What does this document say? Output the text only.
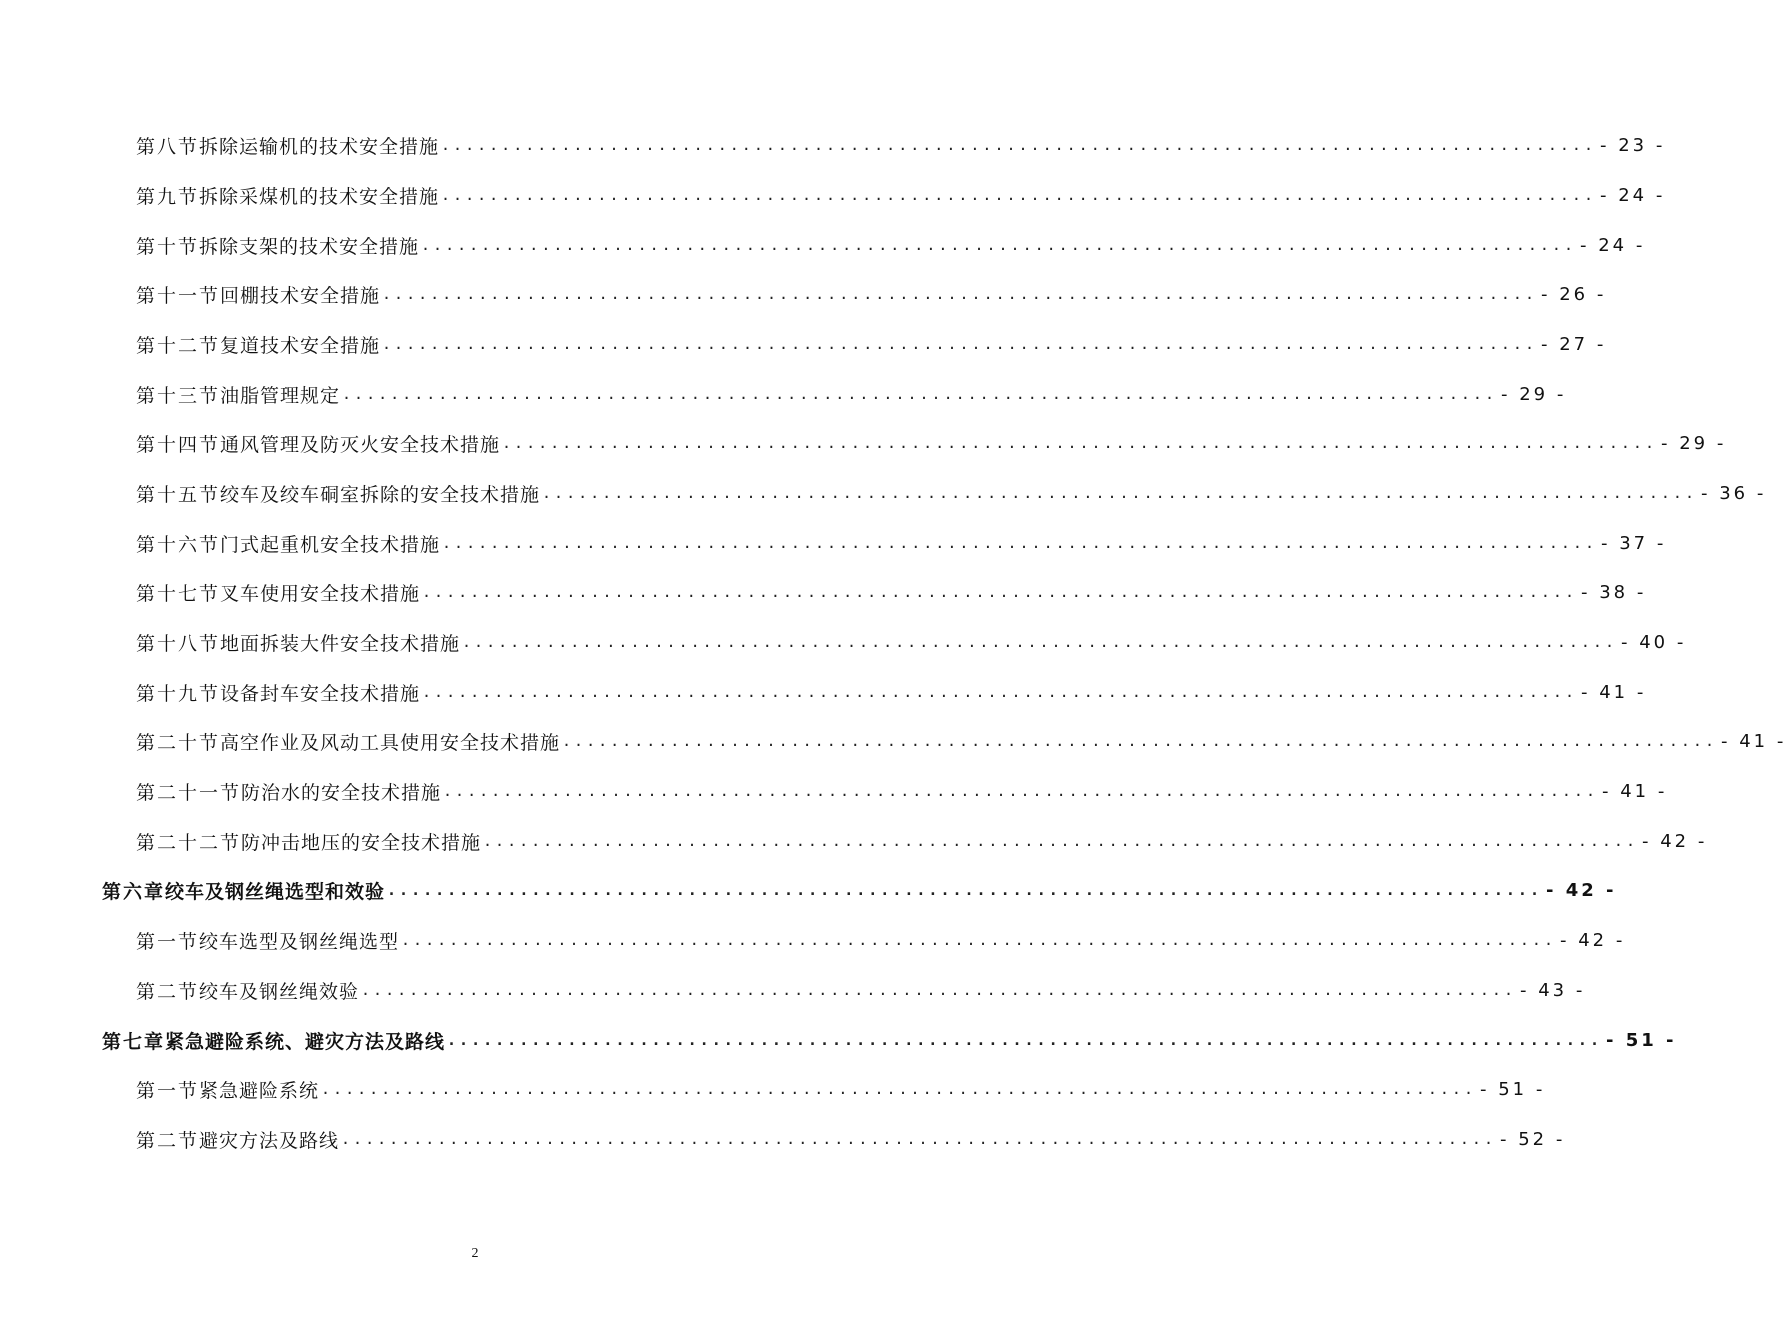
第八节 拆除运输机的技术安全措施 ................................................................................................ - 23 -
第九节 拆除采煤机的技术安全措施 ................................................................................................ - 24 -
第十节 拆除支架的技术安全措施 ................................................................................................ - 24 -
第十一节 回棚技术安全措施 ................................................................................................ - 26 -
第十二节 复道技术安全措施 ................................................................................................ - 27 -
第十三节 油脂管理规定 ................................................................................................ - 29 -
第十四节 通风管理及防灭火安全技术措施 ................................................................................................ - 29 -
第十五节 绞车及绞车硐室拆除的安全技术措施 ................................................................................................ - 36 -
第十六节 门式起重机安全技术措施 ................................................................................................ - 37 -
第十七节 叉车使用安全技术措施 ................................................................................................ - 38 -
第十八节 地面拆装大件安全技术措施 ................................................................................................ - 40 -
第十九节 设备封车安全技术措施 ................................................................................................ - 41 -
第二十节 高空作业及风动工具使用安全技术措施 ................................................................................................ - 41 -
第二十一节 防治水的安全技术措施 ................................................................................................ - 41 -
第二十二节 防冲击地压的安全技术措施 ................................................................................................ - 42 -
第六章 绞车及钢丝绳选型和效验 ................................................................................................ - 42 -
第一节 绞车选型及钢丝绳选型 ................................................................................................ - 42 -
第二节 绞车及钢丝绳效验 ................................................................................................ - 43 -
第七章 紧急避险系统、避灾方法及路线 ................................................................................................ - 51 -
第一节 紧急避险系统 ................................................................................................ - 51 -
第二节 避灾方法及路线 ................................................................................................ - 52 -
2
